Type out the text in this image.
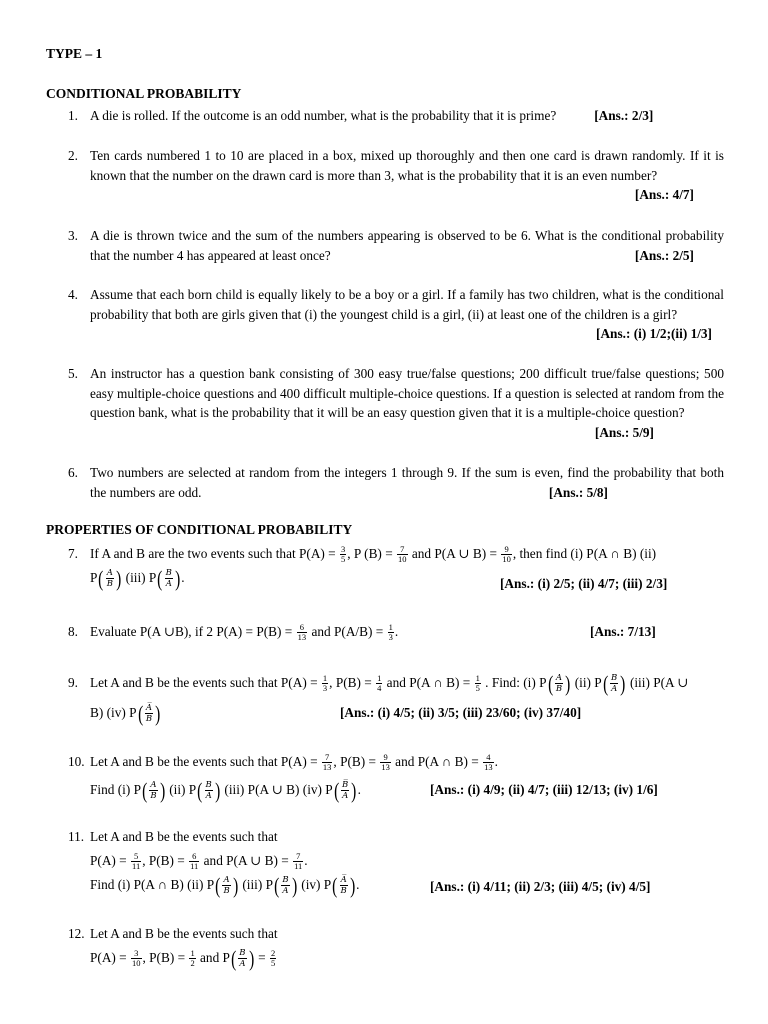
TYPE – 1
CONDITIONAL PROBABILITY
1. A die is rolled. If the outcome is an odd number, what is the probability that it is prime?	[Ans.: 2/3]
2. Ten cards numbered 1 to 10 are placed in a box, mixed up thoroughly and then one card is drawn randomly. If it is known that the number on the drawn card is more than 3, what is the probability that it is an even number?
[Ans.: 4/7]
3. A die is thrown twice and the sum of the numbers appearing is observed to be 6. What is the conditional probability that the number 4 has appeared at least once?	[Ans.: 2/5]
4. Assume that each born child is equally likely to be a boy or a girl. If a family has two children, what is the conditional probability that both are girls given that (i) the youngest child is a girl, (ii) at least one of the children is a girl?
[Ans.: (i) 1/2;(ii) 1/3]
5. An instructor has a question bank consisting of 300 easy true/false questions; 200 difficult true/false questions; 500 easy multiple-choice questions and 400 difficult multiple-choice questions. If a question is selected at random from the question bank, what is the probability that it will be an easy question given that it is a multiple-choice question?
[Ans.: 5/9]
6. Two numbers are selected at random from the integers 1 through 9. If the sum is even, find the probability that both the numbers are odd.	[Ans.: 5/8]
PROPERTIES OF CONDITIONAL PROBABILITY
7. If A and B are the two events such that $P(A) = \frac{3}{5}$ , P $(B) = \frac{7}{10}$ and P(A ∪ $B) = \frac{9}{10}$ , then find (i) P(A ∩ B) (ii)
$P( \frac{A}{B}$ ) (iii) $P( \frac{B}{A}$ ).	[Ans.: (i) 2/5; (ii) 4/7; (iii) 2/3]
8. Evaluate P(A ∪B), if 2 $P(A) = P(B) = \frac{6}{13}$ and $P(A/B) = \frac{1}{3}$ .	[Ans.: 7/13]
9. Let A and B be the events such that $P(A) = \frac{1}{3}$ , $P(B) = \frac{1}{4}$ and P(A ∩ $B) = \frac{1}{5}$ . Find: (i) $P( \frac{A}{B}$ ) (ii) $P( \frac{B}{A}$ ) (iii) P(A ∪
B) (iv) $P( \frac{A̅}{B̅}$ )	[Ans.: (i) 4/5; (ii) 3/5; (iii) 23/60; (iv) 37/40]
10. Let A and B be the events such that $P(A) = \frac{7}{13}$ , $P(B) = \frac{9}{13}$ and P(A ∩ $B) = \frac{4}{13}$ .
Find (i) $P( \frac{A}{B}$ ) (ii) $P( \frac{B}{A}$ ) (iii) P(A ∪ B) (iv) $P( \frac{B̅}{A̅}$ ).	[Ans.: (i) 4/9; (ii) 4/7; (iii) 12/13; (iv) 1/6]
11. Let A and B be the events such that
$P(A) = \frac{5}{11}$ , $P(B) = \frac{6}{11}$ and P(A ∪ $B) = \frac{7}{11}$ .
Find (i) P(A ∩ B) (ii) $P( \frac{A}{B}$ ) (iii) $P( \frac{B}{A}$ ) (iv) $P( \frac{A̅}{B̅}$ ).	[Ans.: (i) 4/11; (ii) 2/3; (iii) 4/5; (iv) 4/5]
12. Let A and B be the events such that
$P(A) = \frac{3}{10}$ , $P(B) = \frac{1}{2}$ and $P( \frac{B}{A}$ ) = $\frac{2}{5}$
